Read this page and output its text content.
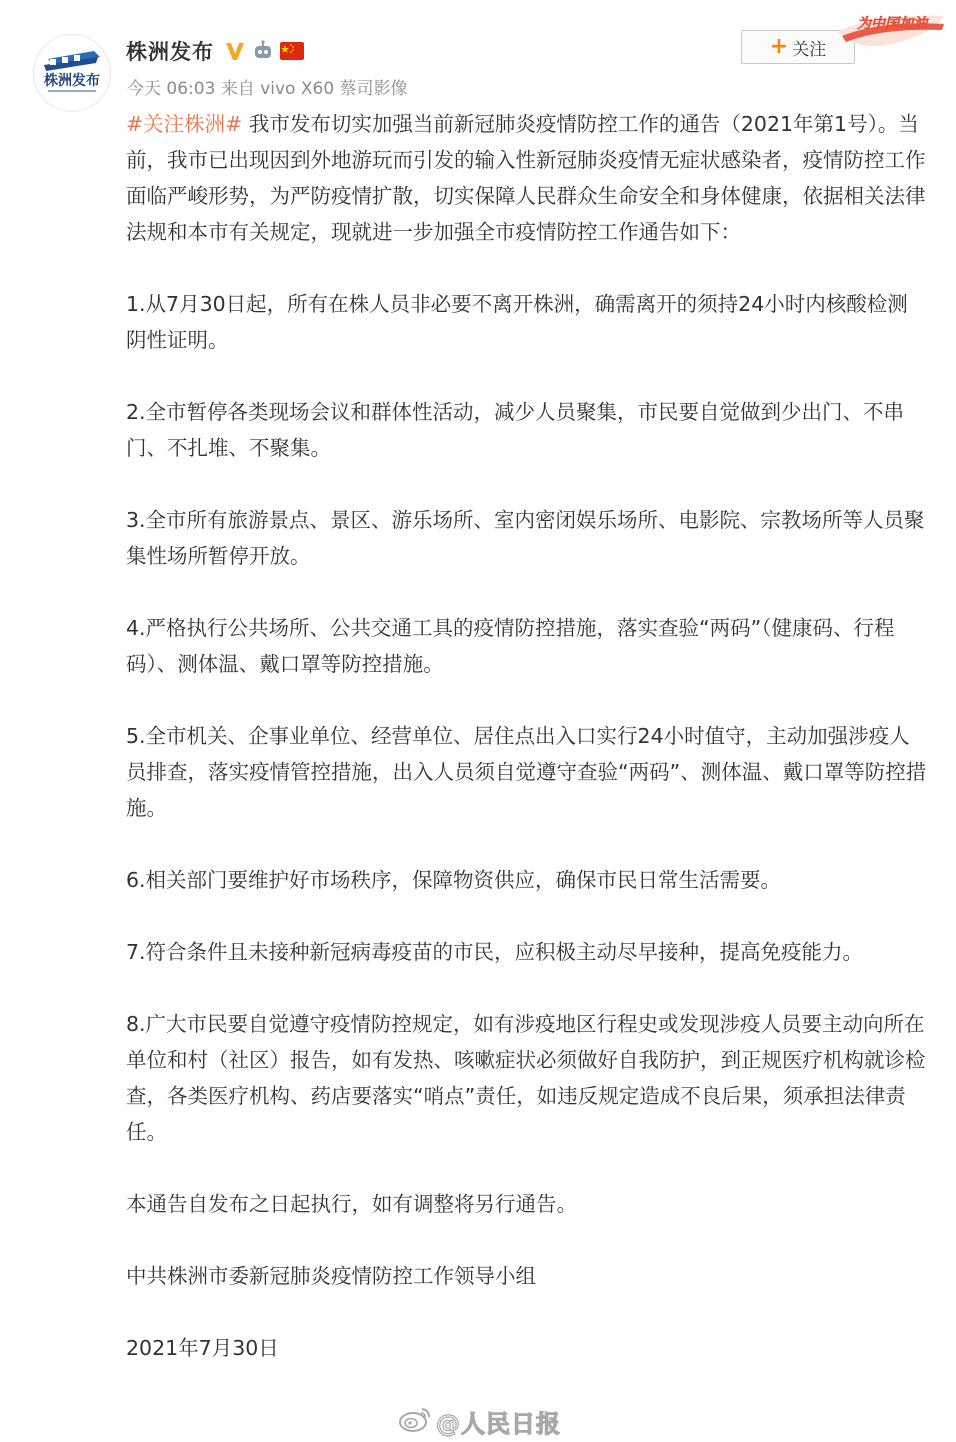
株洲发布
株洲发布
今天 06:03 来自 vivo X60 蔡司影像
+ 关注
为中国加油

#关注株洲# 我市发布切实加强当前新冠肺炎疫情防控工作的通告（2021年第1号）。当前，我市已出现因到外地游玩而引发的输入性新冠肺炎疫情无症状感染者，疫情防控工作面临严峻形势，为严防疫情扩散，切实保障人民群众生命安全和身体健康，依据相关法律法规和本市有关规定，现就进一步加强全市疫情防控工作通告如下：

1.从7月30日起，所有在株人员非必要不离开株洲，确需离开的须持24小时内核酸检测阴性证明。

2.全市暂停各类现场会议和群体性活动，减少人员聚集，市民要自觉做到少出门、不串门、不扎堆、不聚集。

3.全市所有旅游景点、景区、游乐场所、室内密闭娱乐场所、电影院、宗教场所等人员聚集性场所暂停开放。

4.严格执行公共场所、公共交通工具的疫情防控措施，落实查验“两码”（健康码、行程码）、测体温、戴口罩等防控措施。

5.全市机关、企事业单位、经营单位、居住点出入口实行24小时值守，主动加强涉疫人员排查，落实疫情管控措施，出入人员须自觉遵守查验“两码”、测体温、戴口罩等防控措施。

6.相关部门要维护好市场秩序，保障物资供应，确保市民日常生活需要。

7.符合条件且未接种新冠病毒疫苗的市民，应积极主动尽早接种，提高免疫能力。

8.广大市民要自觉遵守疫情防控规定，如有涉疫地区行程史或发现涉疫人员要主动向所在单位和村（社区）报告，如有发热、咳嗽症状必须做好自我防护，到正规医疗机构就诊检查，各类医疗机构、药店要落实“哨点”责任，如违反规定造成不良后果，须承担法律责任。

本通告自发布之日起执行，如有调整将另行通告。

中共株洲市委新冠肺炎疫情防控工作领导小组

2021年7月30日

@人民日报
